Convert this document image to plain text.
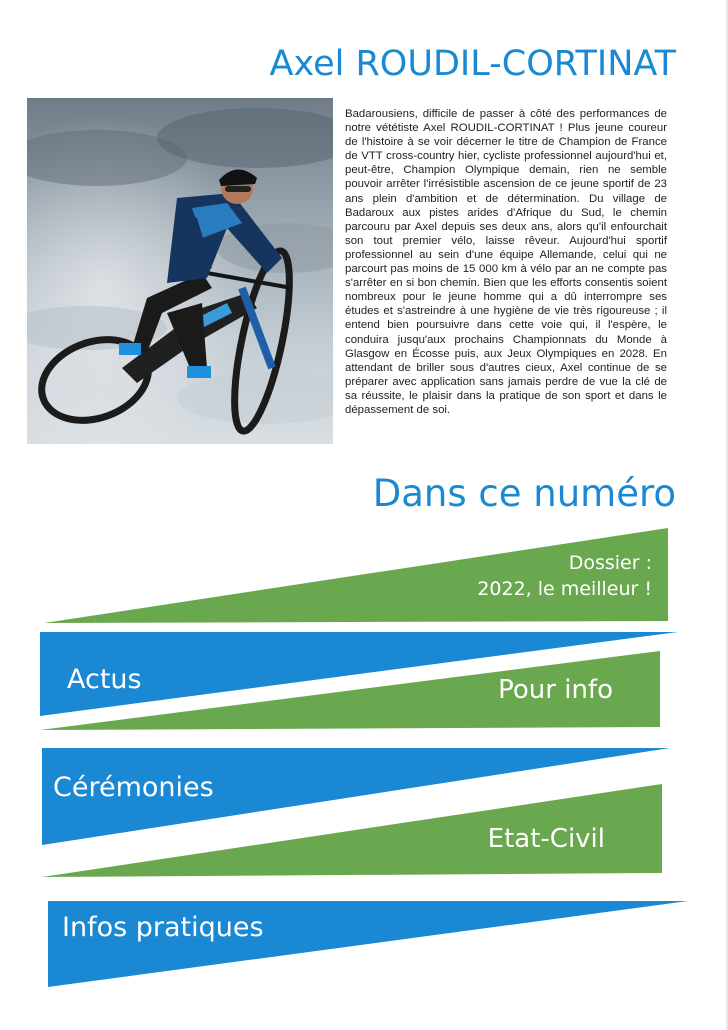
Axel ROUDIL-CORTINAT

Badarousiens, difficile de passer à côté des performances de notre vététiste Axel ROUDIL-CORTINAT ! Plus jeune coureur de l'histoire à se voir décerner le titre de Champion de France de VTT cross-country hier, cycliste professionnel aujourd'hui et, peut-être, Champion Olympique demain, rien ne semble pouvoir arrêter l'irrésistible ascension de ce jeune sportif de 23 ans plein d'ambition et de détermination. Du village de Badaroux aux pistes arides d'Afrique du Sud, le chemin parcouru par Axel depuis ses deux ans, alors qu'il enfourchait son tout premier vélo, laisse rêveur. Aujourd'hui sportif professionnel au sein d'une équipe Allemande, celui qui ne parcourt pas moins de 15 000 km à vélo par an ne compte pas s'arrêter en si bon chemin. Bien que les efforts consentis soient nombreux pour le jeune homme qui a dû interrompre ses études et s'astreindre à une hygiène de vie très rigoureuse ; il entend bien poursuivre dans cette voie qui, il l'espère, le conduira jusqu'aux prochains Championnats du Monde à Glasgow en Écosse puis, aux Jeux Olympiques en 2028. En attendant de briller sous d'autres cieux, Axel continue de se préparer avec application sans jamais perdre de vue la clé de sa réussite, le plaisir dans la pratique de son sport et dans le dépassement de soi.

Dans ce numéro
Dossier :
2022, le meilleur !
Actus	Pour info
Cérémonies
Etat-Civil
Infos pratiques
